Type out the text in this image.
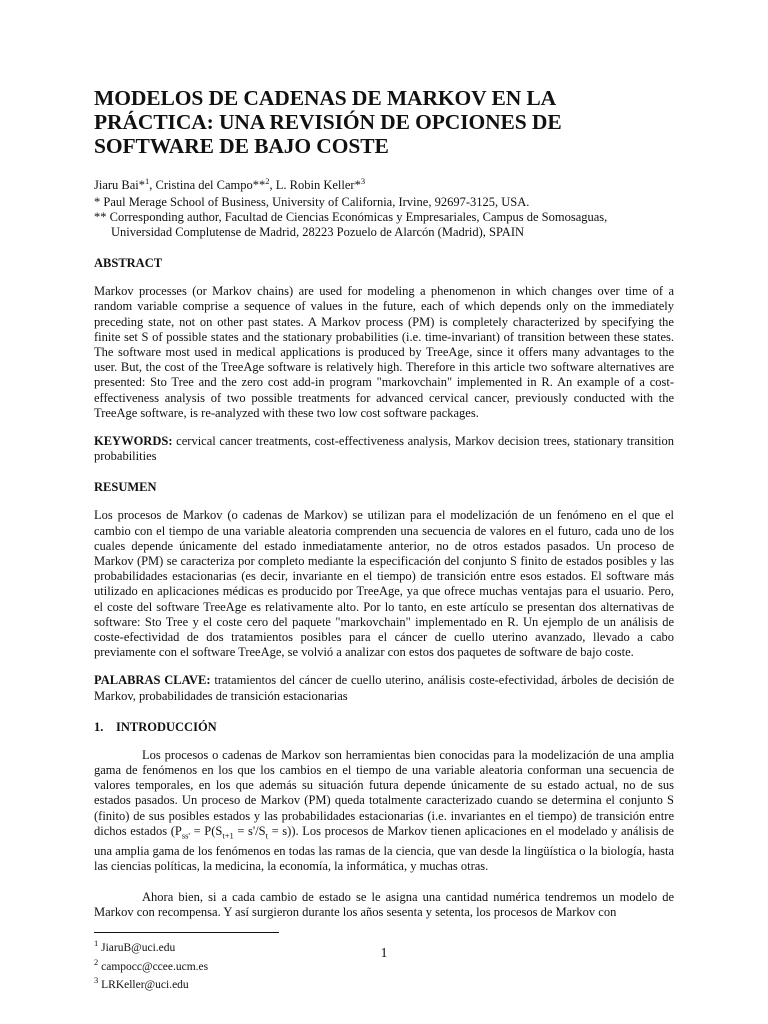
MODELOS DE CADENAS DE MARKOV EN LA PRÁCTICA: UNA REVISIÓN DE OPCIONES DE SOFTWARE DE BAJO COSTE
Jiaru Bai*$^1$, Cristina del Campo**$^2$, L. Robin Keller*$^3$
* Paul Merage School of Business, University of California, Irvine, 92697-3125, USA.
** Corresponding author, Facultad de Ciencias Económicas y Empresariales, Campus de Somosaguas,
Universidad Complutense de Madrid, 28223 Pozuelo de Alarcón (Madrid), SPAIN
ABSTRACT

Markov processes (or Markov chains) are used for modeling a phenomenon in which changes over time of a random variable comprise a sequence of values in the future, each of which depends only on the immediately preceding state, not on other past states. A Markov process (PM) is completely characterized by specifying the finite set S of possible states and the stationary probabilities (i.e. time-invariant) of transition between these states. The software most used in medical applications is produced by TreeAge, since it offers many advantages to the user. But, the cost of the TreeAge software is relatively high. Therefore in this article two software alternatives are presented: Sto Tree and the zero cost add-in program "markovchain" implemented in R. An example of a cost-effectiveness analysis of two possible treatments for advanced cervical cancer, previously conducted with the TreeAge software, is re-analyzed with these two low cost software packages.

KEYWORDS: cervical cancer treatments, cost-effectiveness analysis, Markov decision trees, stationary transition probabilities

RESUMEN

Los procesos de Markov (o cadenas de Markov) se utilizan para el modelización de un fenómeno en el que el cambio con el tiempo de una variable aleatoria comprenden una secuencia de valores en el futuro, cada uno de los cuales depende únicamente del estado inmediatamente anterior, no de otros estados pasados. Un proceso de Markov (PM) se caracteriza por completo mediante la especificación del conjunto S finito de estados posibles y las probabilidades estacionarias (es decir, invariante en el tiempo) de transición entre esos estados. El software más utilizado en aplicaciones médicas es producido por TreeAge, ya que ofrece muchas ventajas para el usuario. Pero, el coste del software TreeAge es relativamente alto. Por lo tanto, en este artículo se presentan dos alternativas de software: Sto Tree y el coste cero del paquete "markovchain" implementado en R. Un ejemplo de un análisis de coste-efectividad de dos tratamientos posibles para el cáncer de cuello uterino avanzado, llevado a cabo previamente con el software TreeAge, se volvió a analizar con estos dos paquetes de software de bajo coste.

PALABRAS CLAVE: tratamientos del cáncer de cuello uterino, análisis coste-efectividad, árboles de decisión de Markov, probabilidades de transición estacionarias

1. INTRODUCCIÓN

Los procesos o cadenas de Markov son herramientas bien conocidas para la modelización de una amplia gama de fenómenos en los que los cambios en el tiempo de una variable aleatoria conforman una secuencia de valores temporales, en los que además su situación futura depende únicamente de su estado actual, no de sus estados pasados. Un proceso de Markov (PM) queda totalmente caracterizado cuando se determina el conjunto S (finito) de sus posibles estados y las probabilidades estacionarias (i.e. invariantes en el tiempo) de transición entre dichos estados $(P_{ss'} = P(S_{t+1} = s'/S_t = s))$. Los procesos de Markov tienen aplicaciones en el modelado y análisis de una amplia gama de los fenómenos en todas las ramas de la ciencia, que van desde la lingüística o la biología, hasta las ciencias políticas, la medicina, la economía, la informática, y muchas otras.

Ahora bien, si a cada cambio de estado se le asigna una cantidad numérica tendremos un modelo de Markov con recompensa. Y así surgieron durante los años sesenta y setenta, los procesos de Markov con

$^1$ JiaruB@uci.edu
$^2$ campocc@ccee.ucm.es
$^3$ LRKeller@uci.edu
1
